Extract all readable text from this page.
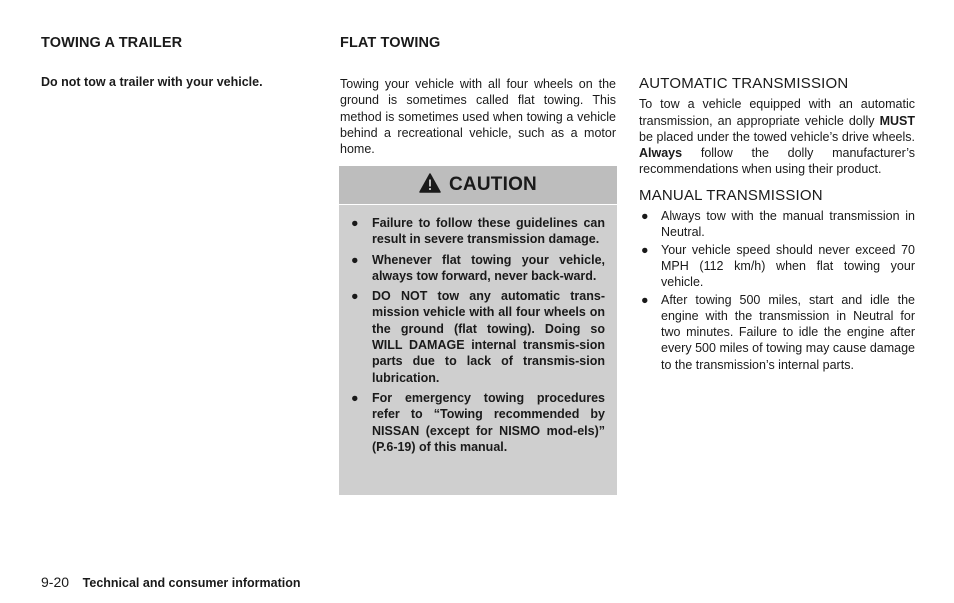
TOWING A TRAILER
Do not tow a trailer with your vehicle.
FLAT TOWING

Towing your vehicle with all four wheels on the ground is sometimes called flat towing. This method is sometimes used when towing a vehicle behind a recreational vehicle, such as a motor home.

CAUTION
● Failure to follow these guidelines can result in severe transmission damage.
● Whenever flat towing your vehicle, always tow forward, never back-ward.
● DO NOT tow any automatic trans-mission vehicle with all four wheels on the ground (flat towing). Doing so WILL DAMAGE internal transmis-sion parts due to lack of transmis-sion lubrication.
● For emergency towing procedures refer to “Towing recommended by NISSAN (except for NISMO mod-els)” (P.6-19) of this manual.
AUTOMATIC TRANSMISSION

To tow a vehicle equipped with an automatic transmission, an appropriate vehicle dolly MUST be placed under the towed vehicle’s drive wheels. Always follow the dolly manufacturer’s recommendations when using their product.

MANUAL TRANSMISSION
● Always tow with the manual transmission in Neutral.
● Your vehicle speed should never exceed 70 MPH (112 km/h) when flat towing your vehicle.
● After towing 500 miles, start and idle the engine with the transmission in Neutral for two minutes. Failure to idle the engine after every 500 miles of towing may cause damage to the transmission’s internal parts.
9-20 Technical and consumer information
